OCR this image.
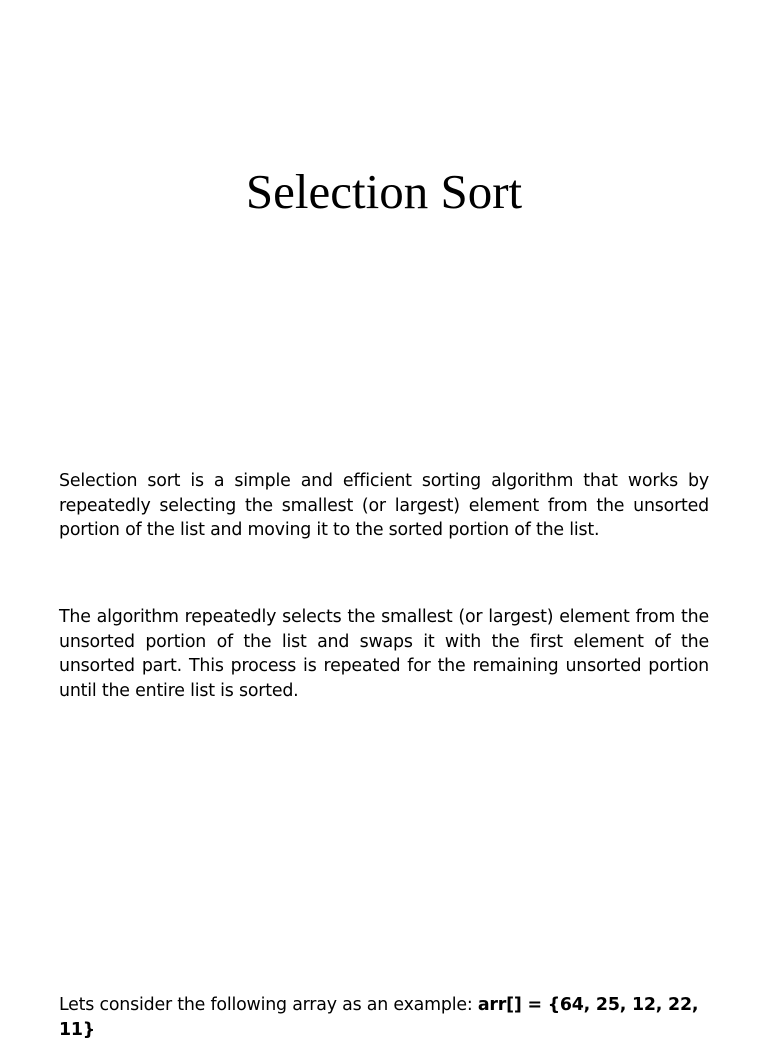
Selection Sort

Selection sort is a simple and efficient sorting algorithm that works by repeatedly selecting the smallest (or largest) element from the unsorted portion of the list and moving it to the sorted portion of the list.

The algorithm repeatedly selects the smallest (or largest) element from the unsorted portion of the list and swaps it with the first element of the unsorted part. This process is repeated for the remaining unsorted portion until the entire list is sorted.

Lets consider the following array as an example: arr[] = {64, 25, 12, 22, 11}
